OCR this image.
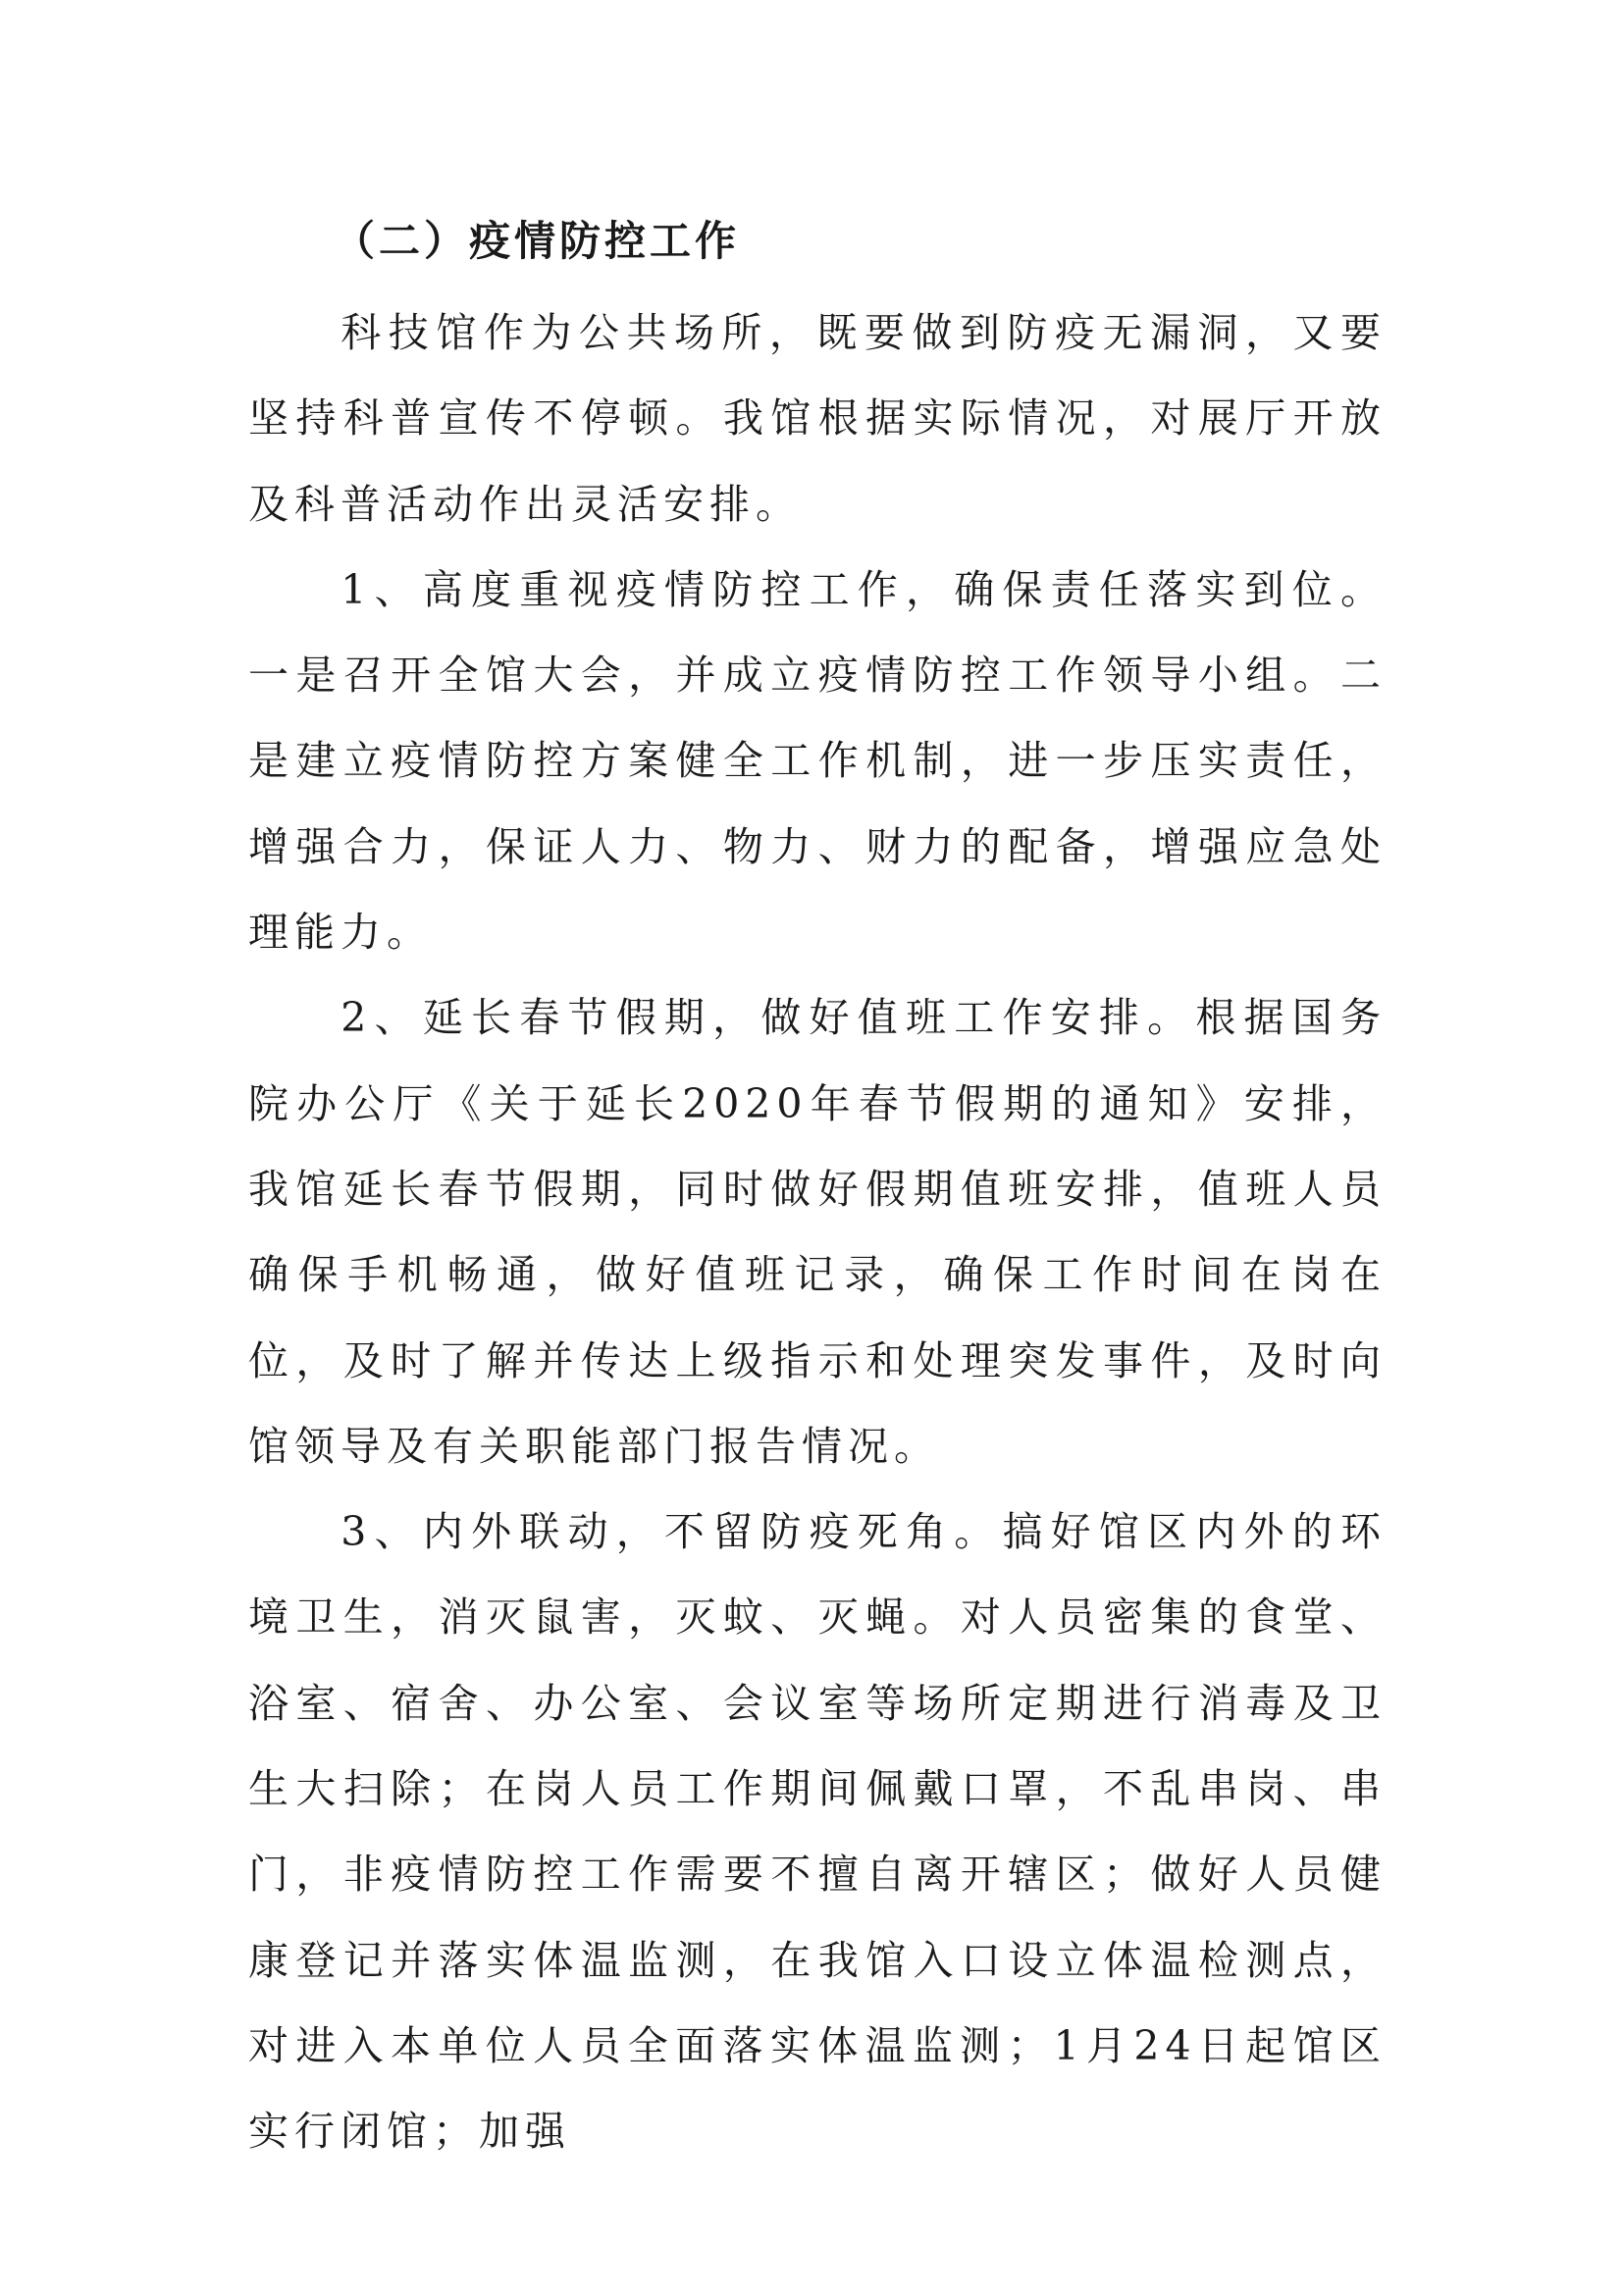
（二）疫情防控工作

科技馆作为公共场所，既要做到防疫无漏洞，又要坚持科普宣传不停顿。我馆根据实际情况，对展厅开放及科普活动作出灵活安排。

1、高度重视疫情防控工作，确保责任落实到位。一是召开全馆大会，并成立疫情防控工作领导小组。二是建立疫情防控方案健全工作机制，进一步压实责任，增强合力，保证人力、物力、财力的配备，增强应急处理能力。

2、延长春节假期，做好值班工作安排。根据国务院办公厅《关于延长2020年春节假期的通知》安排，我馆延长春节假期，同时做好假期值班安排，值班人员确保手机畅通，做好值班记录，确保工作时间在岗在位，及时了解并传达上级指示和处理突发事件，及时向馆领导及有关职能部门报告情况。

3、内外联动，不留防疫死角。搞好馆区内外的环境卫生，消灭鼠害，灭蚊、灭蝇。对人员密集的食堂、浴室、宿舍、办公室、会议室等场所定期进行消毒及卫生大扫除；在岗人员工作期间佩戴口罩，不乱串岗、串门，非疫情防控工作需要不擅自离开辖区；做好人员健康登记并落实体温监测，在我馆入口设立体温检测点，对进入本单位人员全面落实体温监测；1月24日起馆区实行闭馆；加强
